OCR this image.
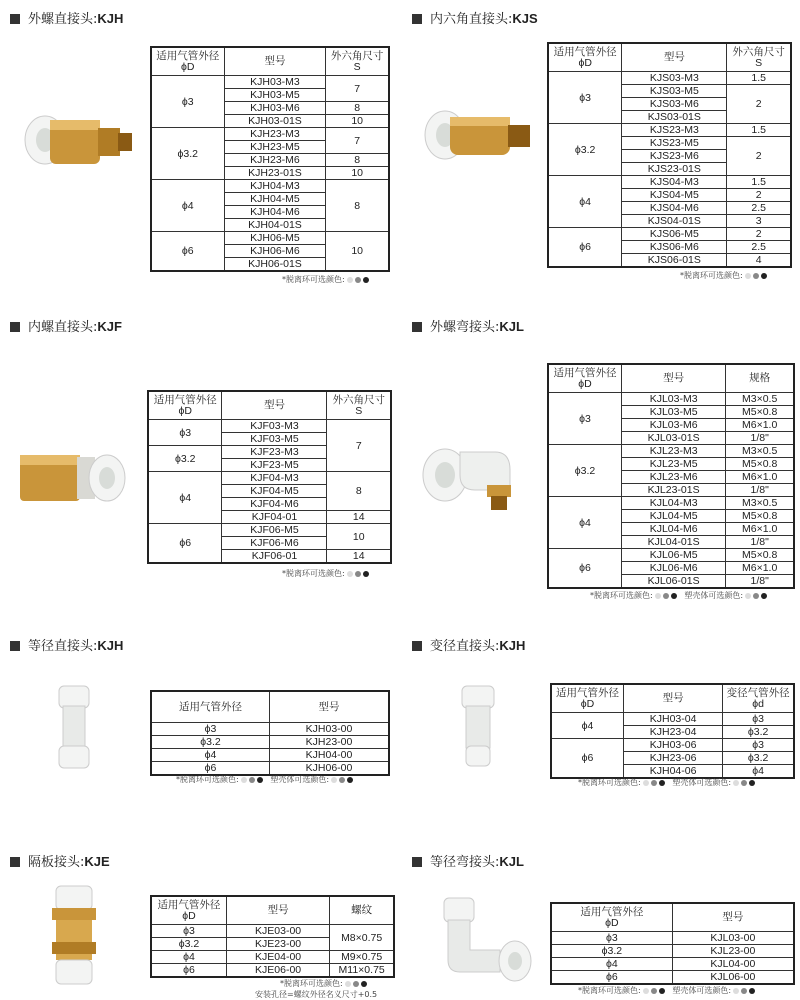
外螺直接头:KJH
适用气管外径
ϕD	型号	外六角尺寸
S
ϕ3	KJH03-M3	7
	KJH03-M5	
	KJH03-M6	8
	KJH03-01S	10
ϕ3.2	KJH23-M3	7
	KJH23-M5	
	KJH23-M6	8
	KJH23-01S	10
ϕ4	KJH04-M3	8
	KJH04-M5	
	KJH04-M6	
	KJH04-01S	
ϕ6	KJH06-M5	10
	KJH06-M6	
	KJH06-01S	
*脱离环可选颜色:
内六角直接头:KJS
适用气管外径
ϕD	型号	外六角尺寸
S
ϕ3	KJS03-M3	1.5
	KJS03-M5	2
	KJS03-M6	
	KJS03-01S	
ϕ3.2	KJS23-M3	1.5
	KJS23-M5	2
	KJS23-M6	
	KJS23-01S	
ϕ4	KJS04-M3	1.5
	KJS04-M5	2
	KJS04-M6	2.5
	KJS04-01S	3
ϕ6	KJS06-M5	2
	KJS06-M6	2.5
	KJS06-01S	4
*脱离环可选颜色:
内螺直接头:KJF
适用气管外径
ϕD	型号	外六角尺寸
S
ϕ3	KJF03-M3	7
	KJF03-M5	
ϕ3.2	KJF23-M3	
	KJF23-M5	
ϕ4	KJF04-M3	8
	KJF04-M5	
	KJF04-M6	
	KJF04-01	14
ϕ6	KJF06-M5	10
	KJF06-M6	
	KJF06-01	14
*脱离环可选颜色:
外螺弯接头:KJL
适用气管外径
ϕD	型号	规格
ϕ3	KJL03-M3	M3×0.5
	KJL03-M5	M5×0.8
	KJL03-M6	M6×1.0
	KJL03-01S	1/8"
ϕ3.2	KJL23-M3	M3×0.5
	KJL23-M5	M5×0.8
	KJL23-M6	M6×1.0
	KJL23-01S	1/8"
ϕ4	KJL04-M3	M3×0.5
	KJL04-M5	M5×0.8
	KJL04-M6	M6×1.0
	KJL04-01S	1/8"
ϕ6	KJL06-M5	M5×0.8
	KJL06-M6	M6×1.0
	KJL06-01S	1/8"
*脱离环可选颜色:	塑壳体可选颜色:
等径直接头:KJH
适用气管外径	型号
ϕ3	KJH03-00
ϕ3.2	KJH23-00
ϕ4	KJH04-00
ϕ6	KJH06-00
*脱离环可选颜色:	塑壳体可选颜色:
变径直接头:KJH
适用气管外径
ϕD	型号	变径气管外径
ϕd
ϕ4	KJH03-04	ϕ3
	KJH23-04	ϕ3.2
ϕ6	KJH03-06	ϕ3
	KJH23-06	ϕ3.2
	KJH04-06	ϕ4
*脱离环可选颜色:	塑壳体可选颜色:
隔板接头:KJE
适用气管外径
ϕD	型号	螺纹
ϕ3	KJE03-00	M8×0.75
ϕ3.2	KJE23-00	
ϕ4	KJE04-00	M9×0.75
ϕ6	KJE06-00	M11×0.75
*脱离环可选颜色:
安装孔径=螺纹外径名义尺寸+0.5
等径弯接头:KJL
适用气管外径
ϕD	型号
ϕ3	KJL03-00
ϕ3.2	KJL23-00
ϕ4	KJL04-00
ϕ6	KJL06-00
*脱离环可选颜色:	塑壳体可选颜色:
